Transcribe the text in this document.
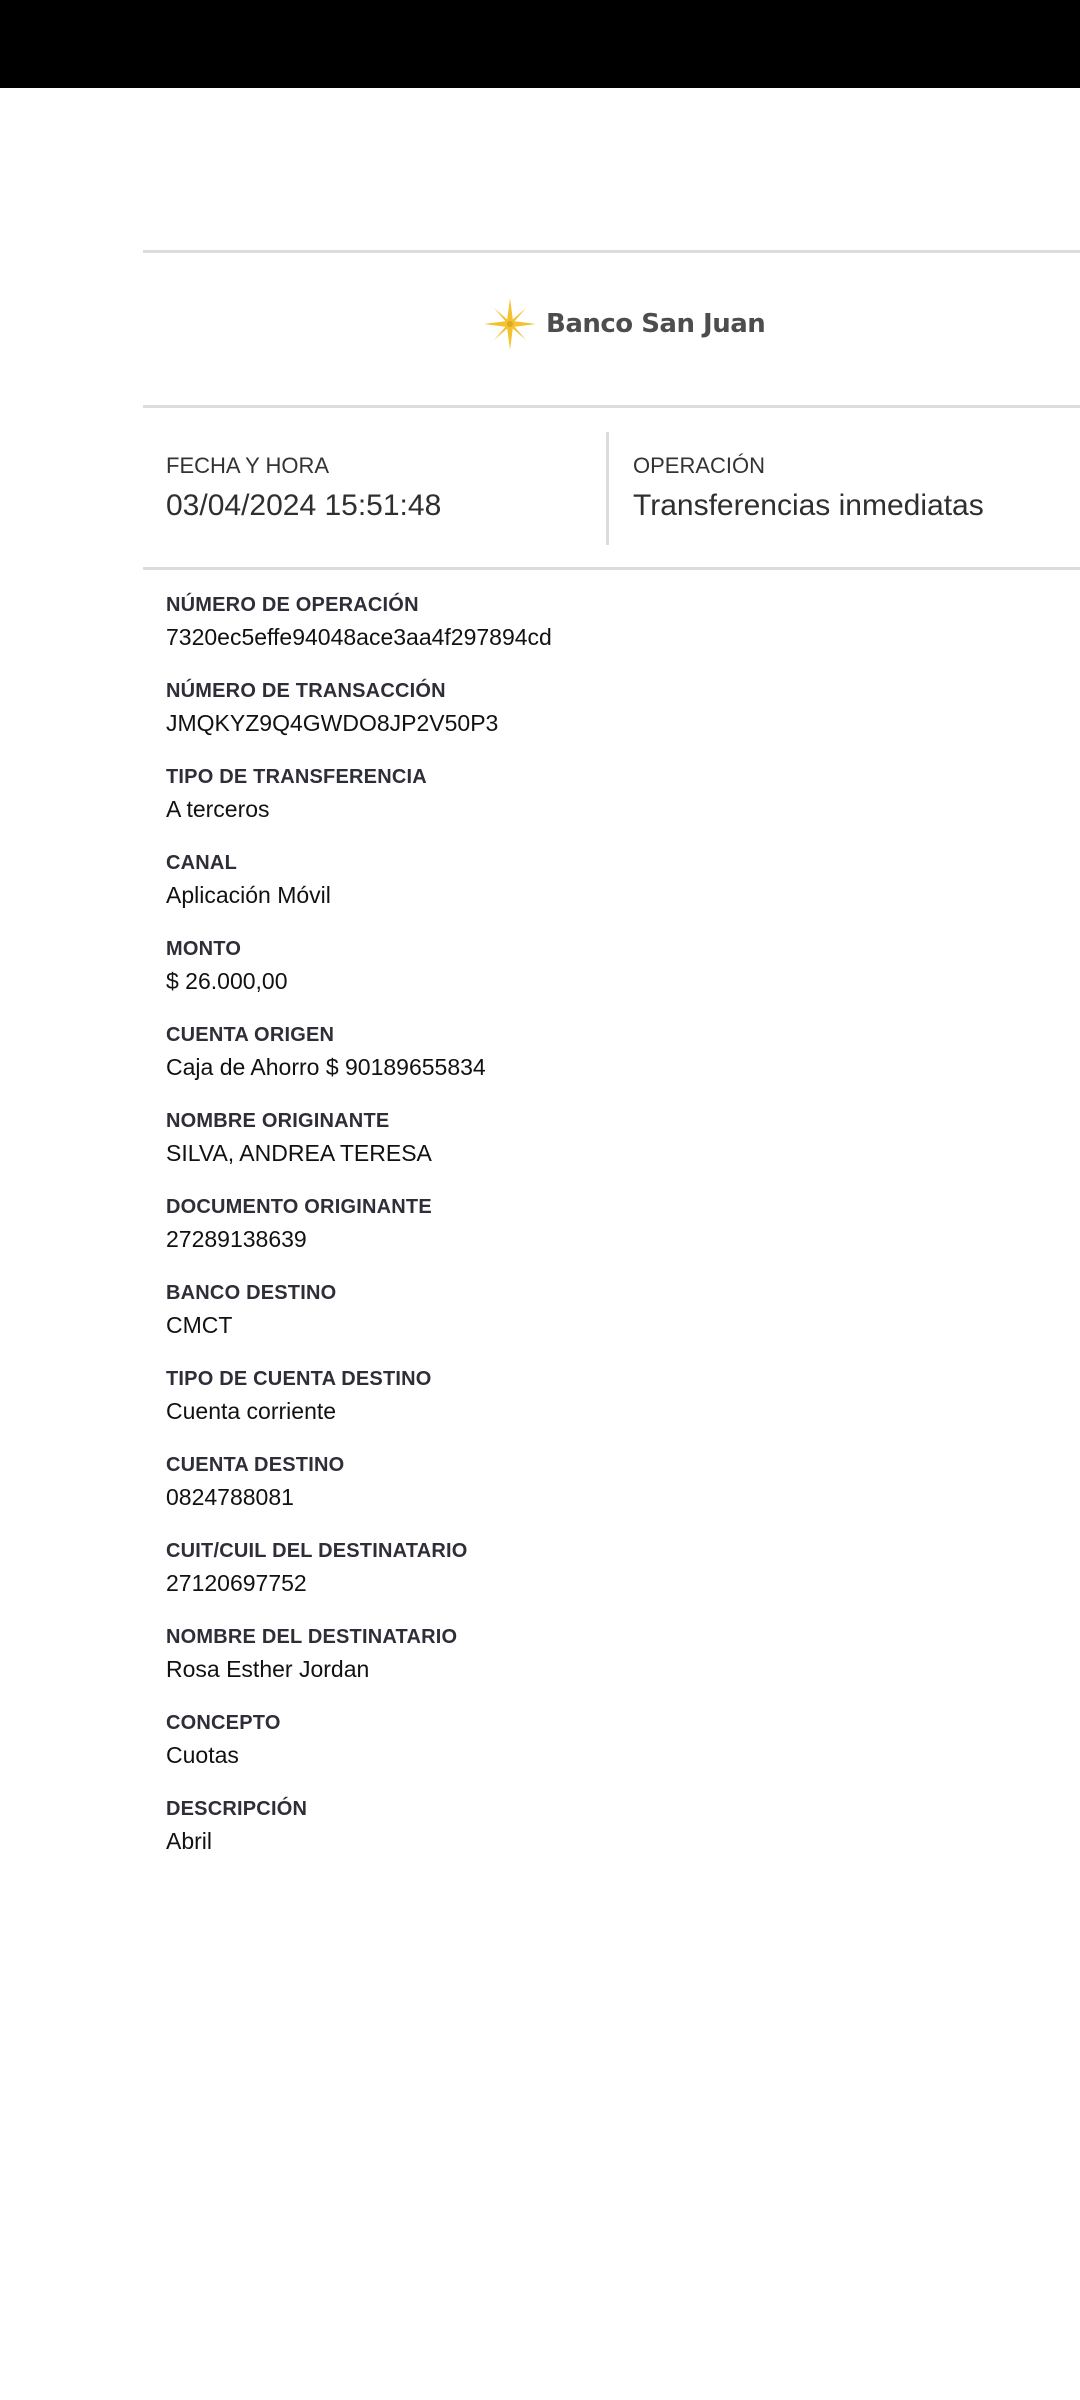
Banco San Juan
FECHA Y HORA
03/04/2024 15:51:48
OPERACIÓN
Transferencias inmediatas
NÚMERO DE OPERACIÓN
7320ec5effe94048ace3aa4f297894cd
NÚMERO DE TRANSACCIÓN
JMQKYZ9Q4GWDO8JP2V50P3
TIPO DE TRANSFERENCIA
A terceros
CANAL
Aplicación Móvil
MONTO
$ 26.000,00
CUENTA ORIGEN
Caja de Ahorro $ 90189655834
NOMBRE ORIGINANTE
SILVA, ANDREA TERESA
DOCUMENTO ORIGINANTE
27289138639
BANCO DESTINO
CMCT
TIPO DE CUENTA DESTINO
Cuenta corriente
CUENTA DESTINO
0824788081
CUIT/CUIL DEL DESTINATARIO
27120697752
NOMBRE DEL DESTINATARIO
Rosa Esther Jordan
CONCEPTO
Cuotas
DESCRIPCIÓN
Abril
